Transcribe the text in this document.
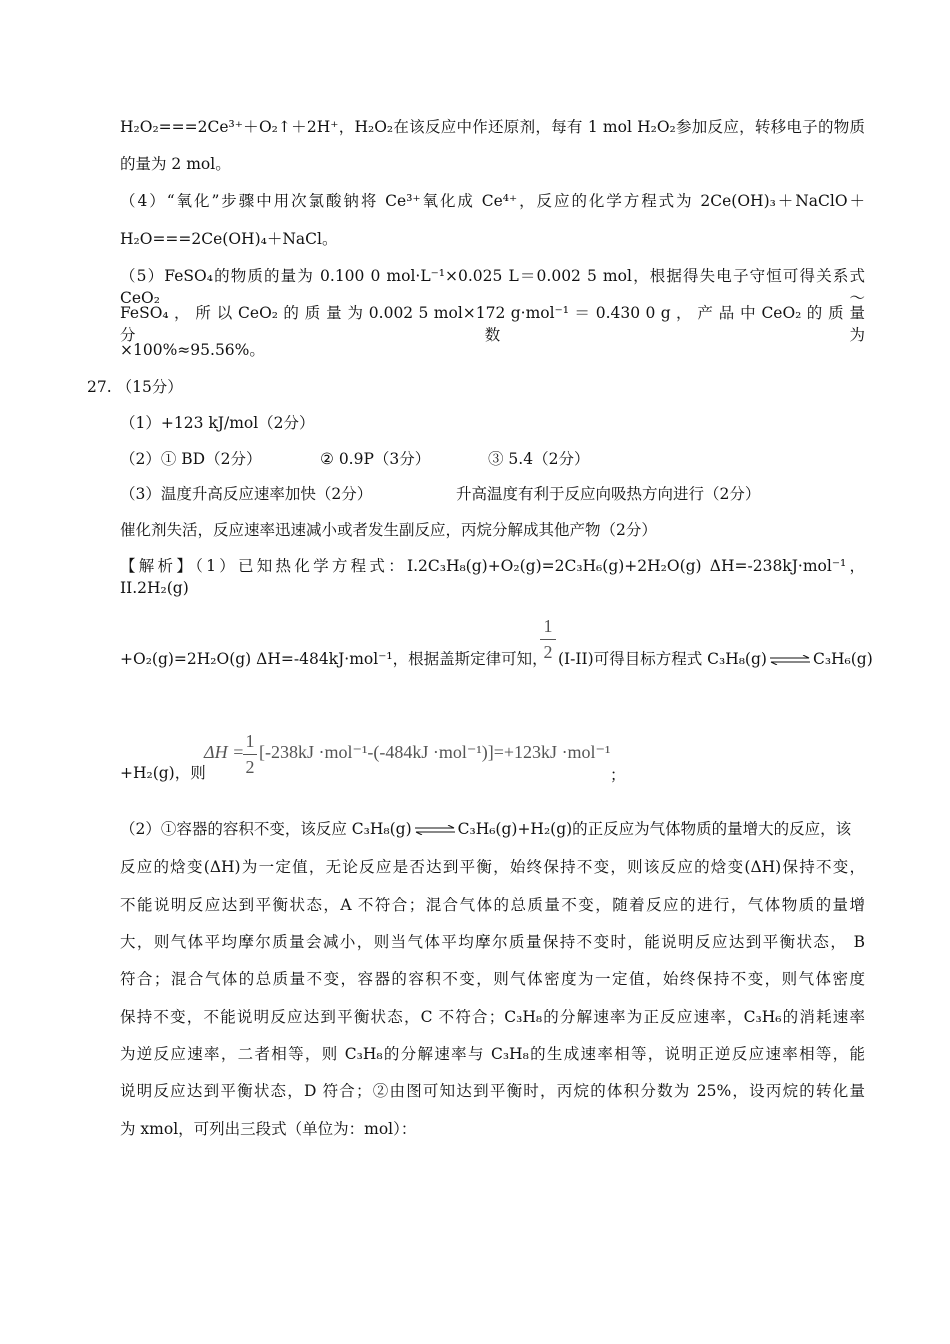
H₂O₂===2Ce³⁺＋O₂↑＋2H⁺，H₂O₂在该反应中作还原剂，每有 1 mol H₂O₂参加反应，转移电子的物质
的量为 2 mol。
（4）“氧化”步骤中用次氯酸钠将 Ce³⁺氧化成 Ce⁴⁺，反应的化学方程式为 2Ce(OH)₃＋NaClO＋
H₂O===2Ce(OH)₄＋NaCl。
（5）FeSO₄的物质的量为 0.100 0 mol·L⁻¹×0.025 L＝0.002 5 mol，根据得失电子守恒可得关系式 CeO₂～
FeSO₄ ， 所 以 CeO₂ 的 质 量 为 0.002 5 mol×172 g·mol⁻¹ ＝ 0.430 0 g ， 产 品 中 CeO₂ 的 质 量 分 数 为
×100%≈95.56%。
27. （15分）
（1）+123 kJ/mol（2分）
（2）① BD（2分）	② 0.9P（3分）	③ 5.4（2分）
（3）温度升高反应速率加快（2分）	升高温度有利于反应向吸热方向进行（2分）
催化剂失活，反应速率迅速减小或者发生副反应，丙烷分解成其他产物（2分）
【解析】（1）已知热化学方程式：I.2C₃H₈(g)+O₂(g)=2C₃H₆(g)+2H₂O(g) ΔH=-238kJ·mol⁻¹， II.2H₂(g)
+O₂(g)=2H₂O(g) ΔH=-484kJ·mol⁻¹，根据盖斯定律可知，
1
2 (I-II)可得目标方程式 C₃H₈(g) ⇌ C₃H₆(g)
+H₂(g)，则
ΔH =
1
2
[-238kJ ·mol⁻¹-(-484kJ ·mol⁻¹)]=+123kJ ·mol⁻¹
；
（2）①容器的容积不变，该反应 C₃H₈(g) ⇌ C₃H₆(g)+H₂(g)的正反应为气体物质的量增大的反应，该
反应的焓变(ΔH)为一定值，无论反应是否达到平衡，始终保持不变，则该反应的焓变(ΔH)保持不变，
不能说明反应达到平衡状态，A 不符合；混合气体的总质量不变，随着反应的进行，气体物质的量增
大，则气体平均摩尔质量会减小，则当气体平均摩尔质量保持不变时，能说明反应达到平衡状态， B
符合；混合气体的总质量不变，容器的容积不变，则气体密度为一定值，始终保持不变，则气体密度
保持不变，不能说明反应达到平衡状态，C 不符合；C₃H₈的分解速率为正反应速率，C₃H₆的消耗速率
为逆反应速率，二者相等，则 C₃H₈的分解速率与 C₃H₈的生成速率相等，说明正逆反应速率相等，能
说明反应达到平衡状态，D 符合；②由图可知达到平衡时，丙烷的体积分数为 25%，设丙烷的转化量
为 xmol，可列出三段式（单位为：mol）：
